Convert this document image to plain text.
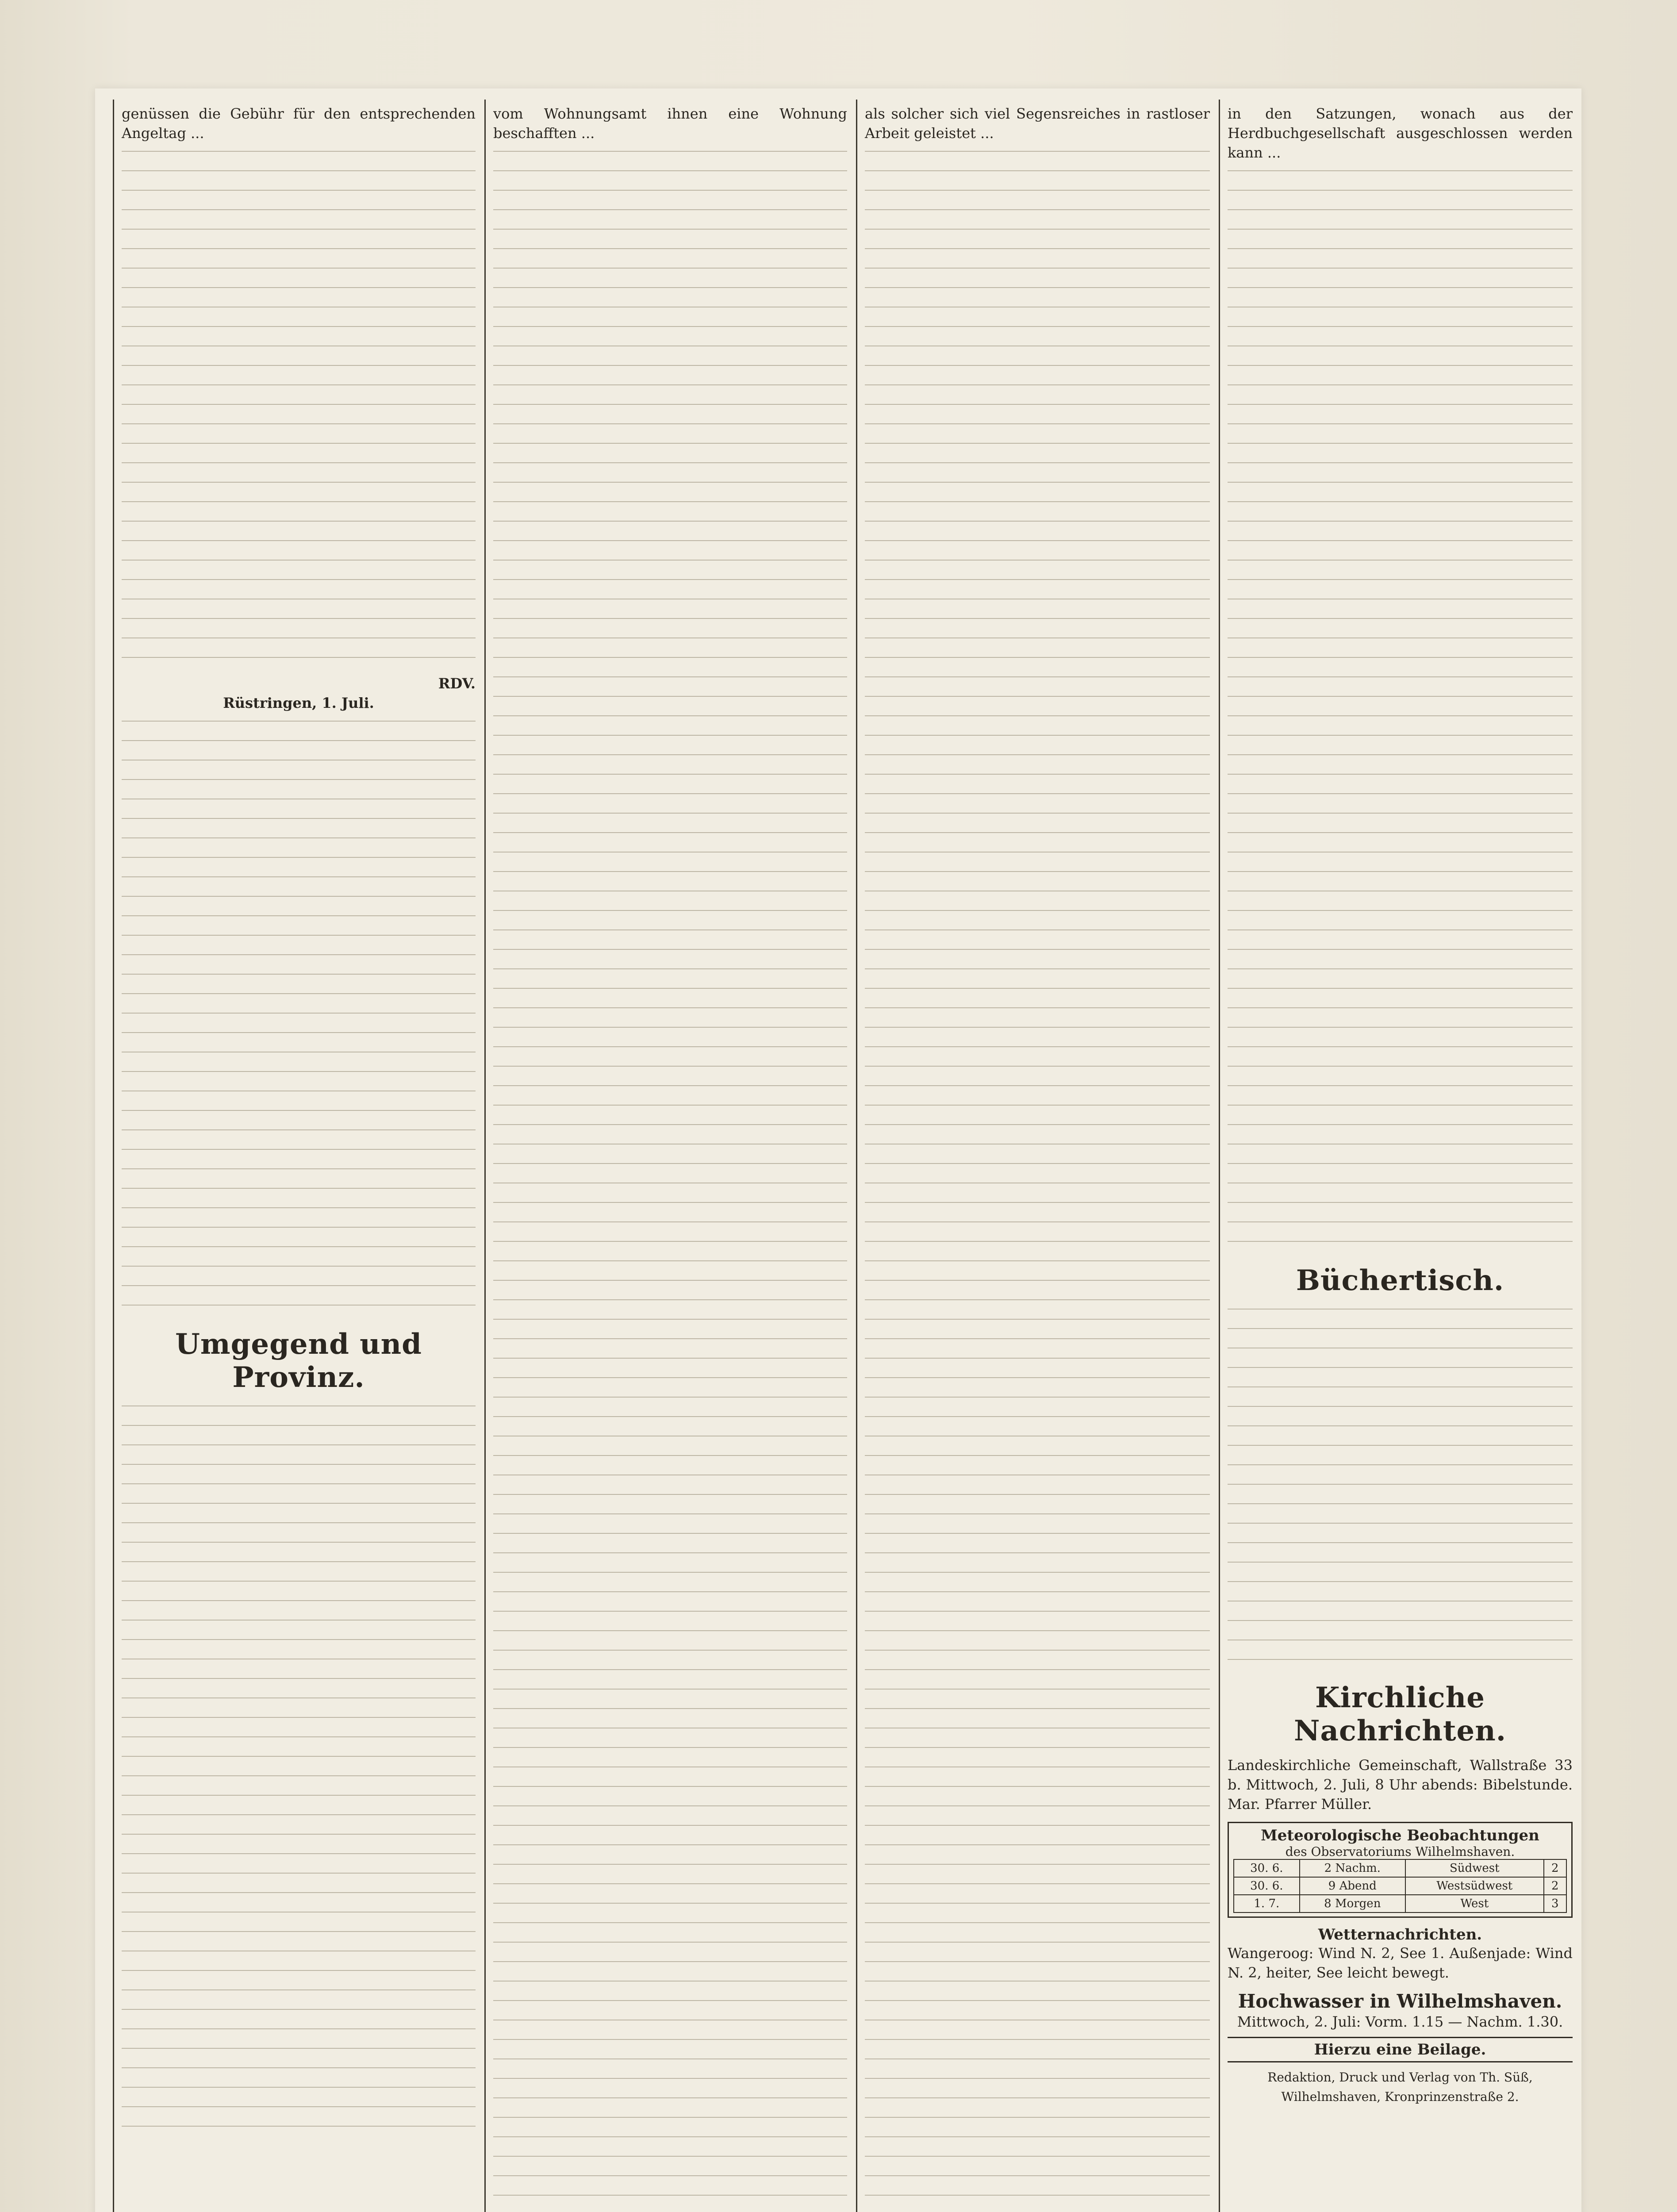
genüssen die Gebühr für den entsprechenden Angeltag ...
RDV.
Rüstringen, 1. Juli.
Umgegend und Provinz.
vom Wohnungsamt ihnen eine Wohnung beschafften ...
als solcher sich viel Segensreiches in rastloser Arbeit geleistet ...
in den Satzungen, wonach aus der Herdbuchgesellschaft ausgeschlossen werden kann ...
Büchertisch.
Kirchliche Nachrichten.
Landeskirchliche Gemeinschaft, Wallstraße 33 b. Mittwoch, 2. Juli, 8 Uhr abends: Bibelstunde. Mar. Pfarrer Müller.
Meteorologische Beobachtungen
des Observatoriums Wilhelmshaven.
30. 6.	2 Nachm.	Südwest	2
30. 6.	9 Abend	Westsüdwest	2
1. 7.	8 Morgen	West	3
Wetternachrichten.
Wangeroog: Wind N. 2, See 1. Außenjade: Wind N. 2, heiter, See leicht bewegt.
Hochwasser in Wilhelmshaven.
Mittwoch, 2. Juli: Vorm. 1.15 — Nachm. 1.30.
Hierzu eine Beilage.
Redaktion, Druck und Verlag von Th. Süß, Wilhelmshaven, Kronprinzenstraße 2.
